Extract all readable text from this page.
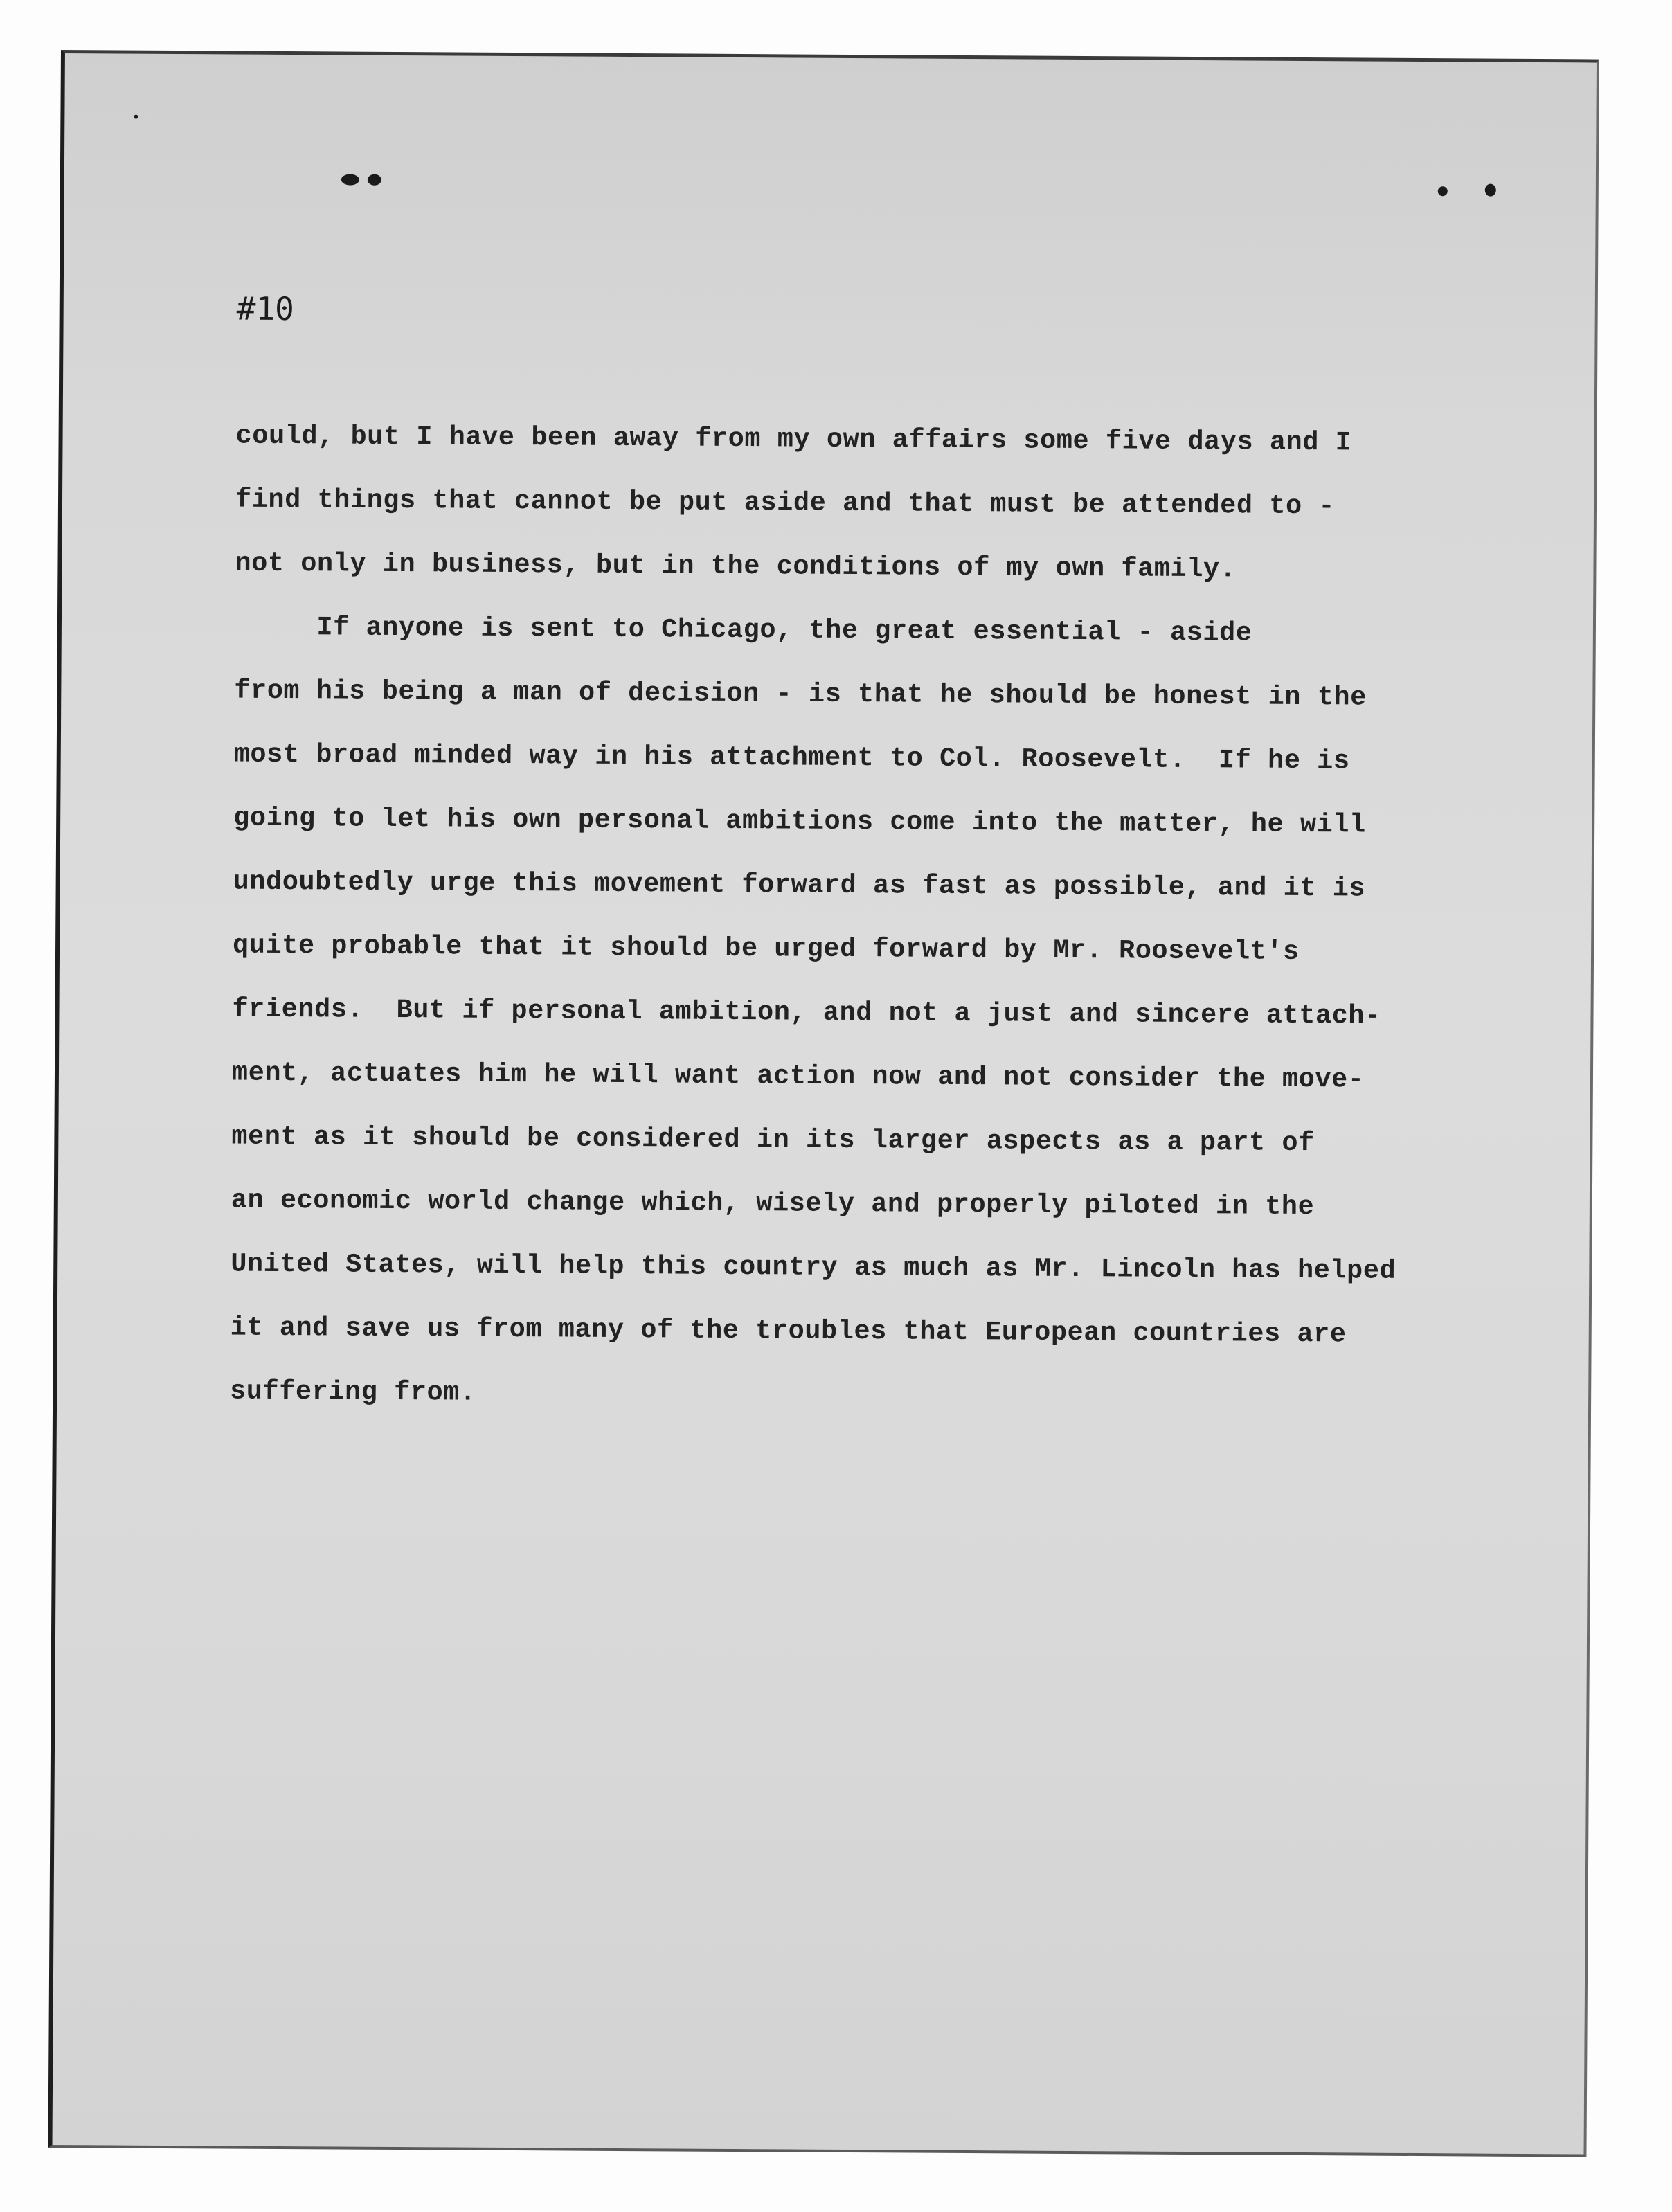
#10

could, but I have been away from my own affairs some five days and I
find things that cannot be put aside and that must be attended to -
not only in business, but in the conditions of my own family.
If anyone is sent to Chicago, the great essential - aside
from his being a man of decision - is that he should be honest in the
most broad minded way in his attachment to Col. Roosevelt.  If he is
going to let his own personal ambitions come into the matter, he will
undoubtedly urge this movement forward as fast as possible, and it is
quite probable that it should be urged forward by Mr. Roosevelt's
friends.  But if personal ambition, and not a just and sincere attach-
ment, actuates him he will want action now and not consider the move-
ment as it should be considered in its larger aspects as a part of
an economic world change which, wisely and properly piloted in the
United States, will help this country as much as Mr. Lincoln has helped
it and save us from many of the troubles that European countries are
suffering from.
